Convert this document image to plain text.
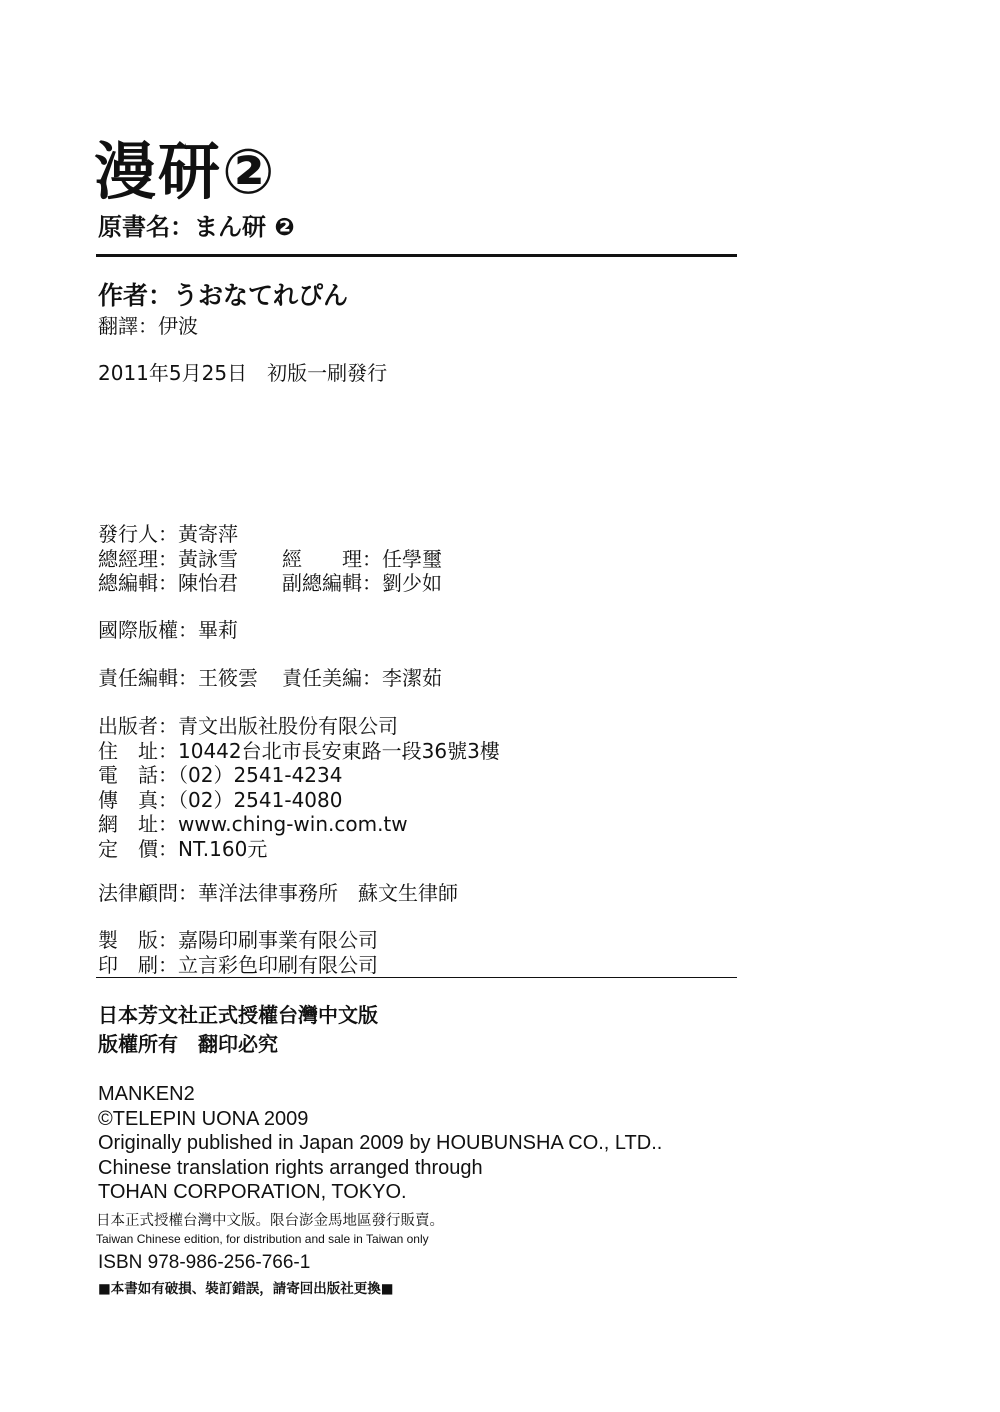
漫研②
原書名：まん研 ❷
作者：うおなてれぴん
翻譯：伊波
2011年5月25日　初版一刷發行
發行人：黃寄萍
總經理：黃詠雪 經　　理：任學璽
總編輯：陳怡君 副總編輯：劉少如
國際版權：畢莉
責任編輯：王筱雲 責任美編：李潔茹
出版者：青文出版社股份有限公司
住　址：10442台北市長安東路一段36號3樓
電　話：（02）2541-4234
傳　真：（02）2541-4080
網　址：www.ching-win.com.tw
定　價：NT.160元
法律顧問：華洋法律事務所　蘇文生律師
製　版：嘉陽印刷事業有限公司
印　刷：立言彩色印刷有限公司
日本芳文社正式授權台灣中文版
版權所有　翻印必究
MANKEN2
©TELEPIN UONA 2009
Originally published in Japan 2009 by HOUBUNSHA CO., LTD..
Chinese translation rights arranged through
TOHAN CORPORATION, TOKYO.
日本正式授權台灣中文版。限台澎金馬地區發行販賣。
Taiwan Chinese edition, for distribution and sale in Taiwan only
ISBN 978-986-256-766-1
■本書如有破損、裝訂錯誤，請寄回出版社更換■
